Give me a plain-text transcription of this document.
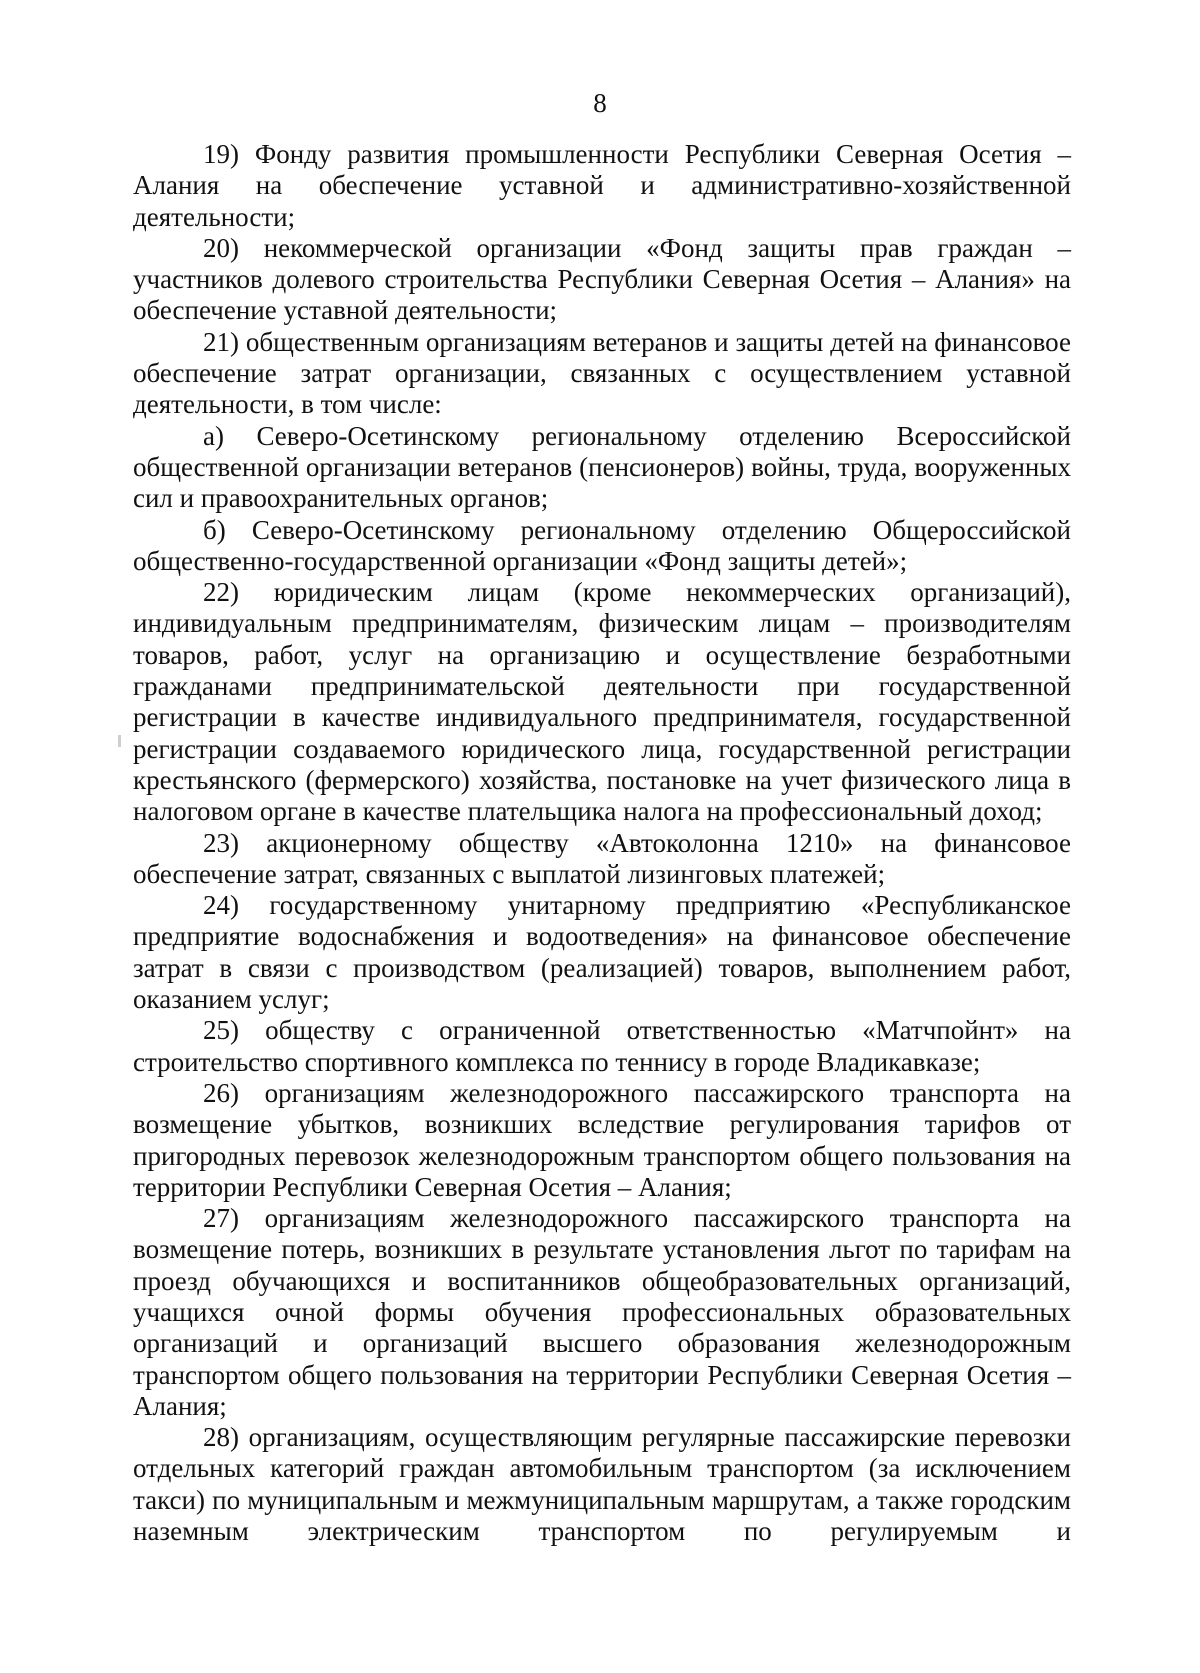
8

19) Фонду развития промышленности Республики Северная Осетия – Алания на обеспечение уставной и административно-хозяйственной деятельности;

20) некоммерческой организации «Фонд защиты прав граждан – участников долевого строительства Республики Северная Осетия – Алания» на обеспечение уставной деятельности;

21) общественным организациям ветеранов и защиты детей на финансовое обеспечение затрат организации, связанных с осуществлением уставной деятельности, в том числе:

а) Северо-Осетинскому региональному отделению Всероссийской общественной организации ветеранов (пенсионеров) войны, труда, вооруженных сил и правоохранительных органов;

б) Северо-Осетинскому региональному отделению Общероссийской общественно-государственной организации «Фонд защиты детей»;

22) юридическим лицам (кроме некоммерческих организаций), индивидуальным предпринимателям, физическим лицам – производителям товаров, работ, услуг на организацию и осуществление безработными гражданами предпринимательской деятельности при государственной регистрации в качестве индивидуального предпринимателя, государственной регистрации создаваемого юридического лица, государственной регистрации крестьянского (фермерского) хозяйства, постановке на учет физического лица в налоговом органе в качестве плательщика налога на профессиональный доход;

23) акционерному обществу «Автоколонна 1210» на финансовое обеспечение затрат, связанных с выплатой лизинговых платежей;

24) государственному унитарному предприятию «Республиканское предприятие водоснабжения и водоотведения» на финансовое обеспечение затрат в связи с производством (реализацией) товаров, выполнением работ, оказанием услуг;

25) обществу с ограниченной ответственностью «Матчпойнт» на строительство спортивного комплекса по теннису в городе Владикавказе;

26) организациям железнодорожного пассажирского транспорта на возмещение убытков, возникших вследствие регулирования тарифов от пригородных перевозок железнодорожным транспортом общего пользования на территории Республики Северная Осетия – Алания;

27) организациям железнодорожного пассажирского транспорта на возмещение потерь, возникших в результате установления льгот по тарифам на проезд обучающихся и воспитанников общеобразовательных организаций, учащихся очной формы обучения профессиональных образовательных организаций и организаций высшего образования железнодорожным транспортом общего пользования на территории Республики Северная Осетия – Алания;

28) организациям, осуществляющим регулярные пассажирские перевозки отдельных категорий граждан автомобильным транспортом (за исключением такси) по муниципальным и межмуниципальным маршрутам, а также городским наземным электрическим транспортом по регулируемым и
